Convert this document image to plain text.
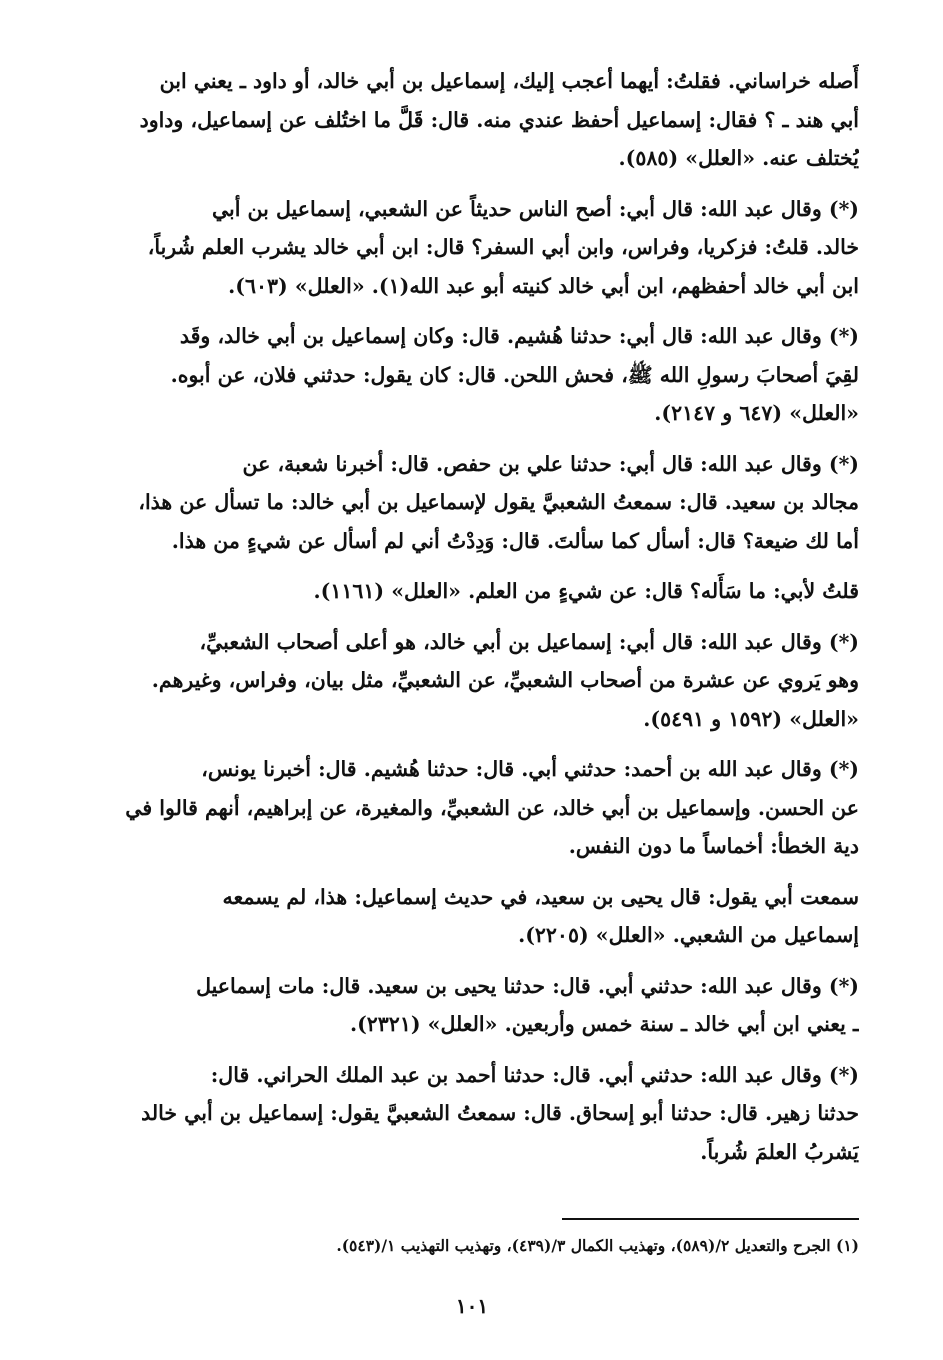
أَصله خراساني. فقلتُ: أيهما أعجب إليك، إسماعيل بن أبي خالد، أو داود ـ يعني ابن
أبي هند ـ ؟ فقال: إسماعيل أحفظ عندي منه. قال: قَلَّ ما اختُلف عن إسماعيل، وداود
يُختلف عنه. «العلل» (٥٨٥).
(*) وقال عبد الله: قال أبي: أصح الناس حديثاً عن الشعبي، إسماعيل بن أبي
خالد. قلتُ: فزكريا، وفراس، وابن أبي السفر؟ قال: ابن أبي خالد يشرب العلم شُرباً،
ابن أبي خالد أحفظهم، ابن أبي خالد كنيته أبو عبد الله(١). «العلل» (٦٠٣).
(*) وقال عبد الله: قال أبي: حدثنا هُشيم. قال: وكان إسماعيل بن أبي خالد، وقَد
لقِيَ أصحابَ رسولِ الله ﷺ، فحش اللحن. قال: كان يقول: حدثني فلان، عن أبوه.
«العلل» (٦٤٧ و ٢١٤٧).
(*) وقال عبد الله: قال أبي: حدثنا علي بن حفص. قال: أخبرنا شعبة، عن
مجالد بن سعيد. قال: سمعتُ الشعبيَّ يقول لإسماعيل بن أبي خالد: ما تسأل عن هذا،
أما لك ضيعة؟ قال: أسأل كما سألتَ. قال: وَدِدْتُ أني لم أسأل عن شيءٍ من هذا.
قلتُ لأبي: ما سَأَله؟ قال: عن شيءٍ من العلم. «العلل» (١١٦١).
(*) وقال عبد الله: قال أبي: إسماعيل بن أبي خالد، هو أعلى أصحاب الشعبيِّ،
وهو يَروي عن عشرة من أصحاب الشعبيِّ، عن الشعبيِّ، مثل بيان، وفراس، وغيرهم.
«العلل» (١٥٩٢ و ٥٤٩١).
(*) وقال عبد الله بن أحمد: حدثني أبي. قال: حدثنا هُشيم. قال: أخبرنا يونس،
عن الحسن. وإسماعيل بن أبي خالد، عن الشعبيِّ، والمغيرة، عن إبراهيم، أنهم قالوا في
دية الخطأ: أخماساً ما دون النفس.
سمعت أبي يقول: قال يحيى بن سعيد، في حديث إسماعيل: هذا، لم يسمعه
إسماعيل من الشعبي. «العلل» (٢٢٠٥).
(*) وقال عبد الله: حدثني أبي. قال: حدثنا يحيى بن سعيد. قال: مات إسماعيل
ـ يعني ابن أبي خالد ـ سنة خمس وأربعين. «العلل» (٢٣٢١).
(*) وقال عبد الله: حدثني أبي. قال: حدثنا أحمد بن عبد الملك الحراني. قال:
حدثنا زهير. قال: حدثنا أبو إسحاق. قال: سمعتُ الشعبيَّ يقول: إسماعيل بن أبي خالد
يَشربُ العلمَ شُرباً.
(١) الجرح والتعديل ٢/(٥٨٩)، وتهذيب الكمال ٣/(٤٣٩)، وتهذيب التهذيب ١/(٥٤٣).
١٠١
